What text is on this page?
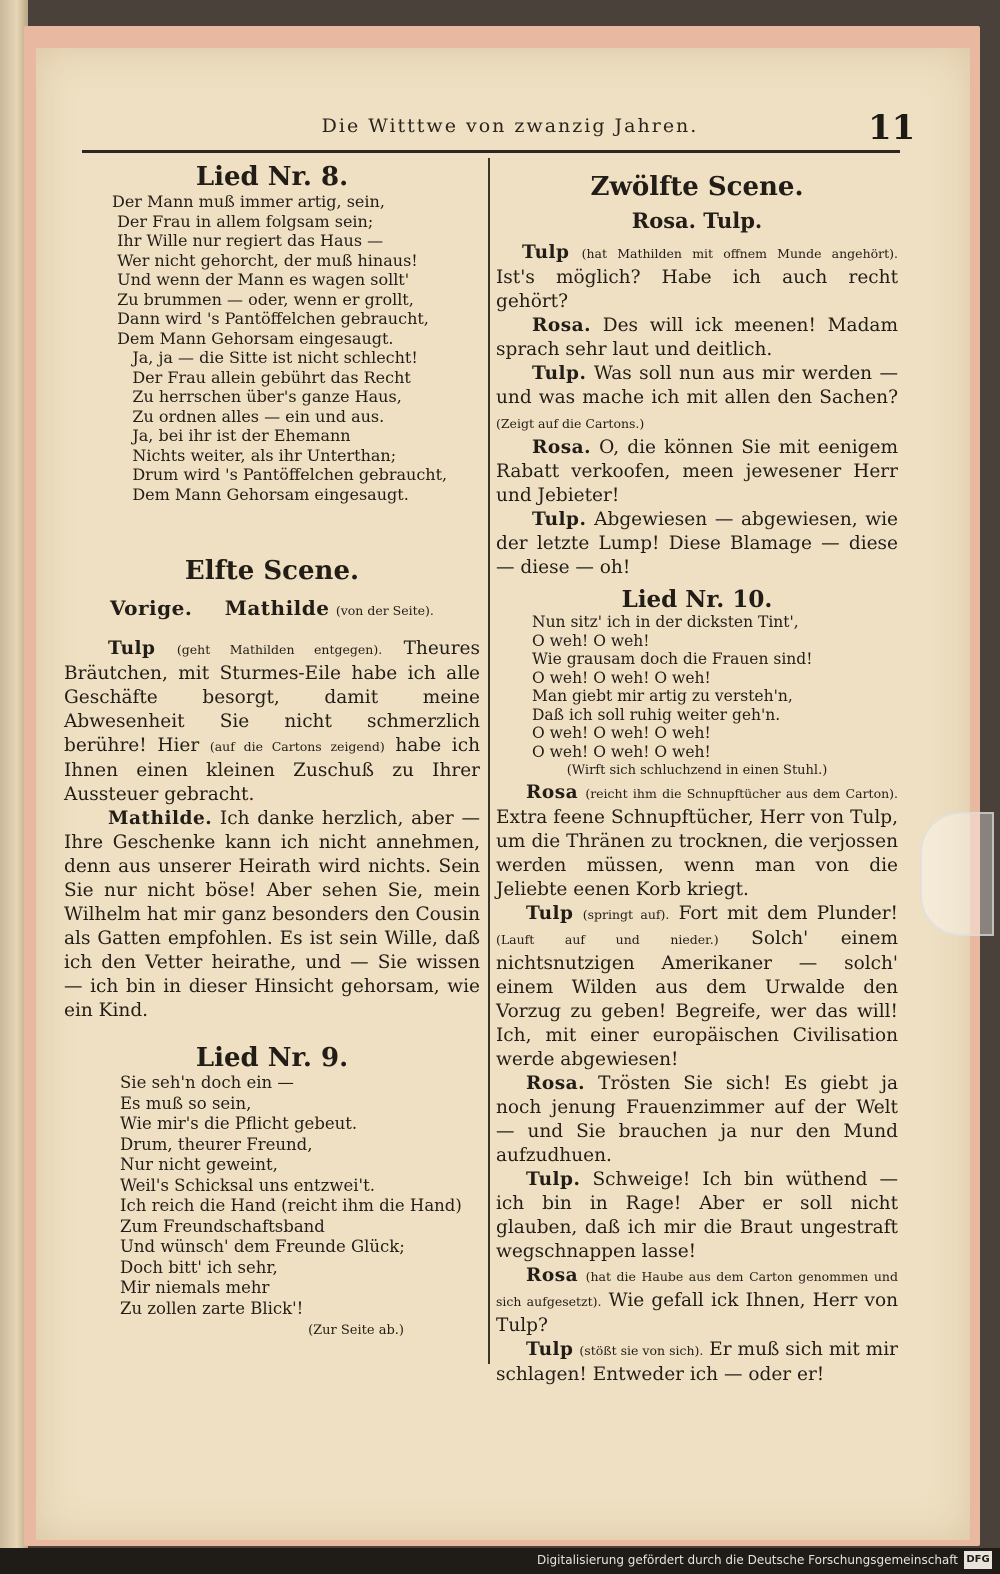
Die Witttwe von zwanzig Jahren.	11

Lied Nr. 8.

Der Mann muß immer artig, sein,
Der Frau in allem folgsam sein;
Ihr Wille nur regiert das Haus —
Wer nicht gehorcht, der muß hinaus!
Und wenn der Mann es wagen sollt'
Zu brummen — oder, wenn er grollt,
Dann wird 's Pantöffelchen gebraucht,
Dem Mann Gehorsam eingesaugt.
Ja, ja — die Sitte ist nicht schlecht!
Der Frau allein gebührt das Recht
Zu herrschen über's ganze Haus,
Zu ordnen alles — ein und aus.
Ja, bei ihr ist der Ehemann
Nichts weiter, als ihr Unterthan;
Drum wird 's Pantöffelchen gebraucht,
Dem Mann Gehorsam eingesaugt.

Elfte Scene.

Vorige. Mathilde (von der Seite).

Tulp (geht Mathilden entgegen). Theures Bräutchen, mit Sturmes-Eile habe ich alle Geschäfte besorgt, damit meine Abwesenheit Sie nicht schmerzlich berühre! Hier (auf die Cartons zeigend) habe ich Ihnen einen kleinen Zuschuß zu Ihrer Aussteuer gebracht.

Mathilde. Ich danke herzlich, aber — Ihre Geschenke kann ich nicht annehmen, denn aus unserer Heirath wird nichts. Sein Sie nur nicht böse! Aber sehen Sie, mein Wilhelm hat mir ganz besonders den Cousin als Gatten empfohlen. Es ist sein Wille, daß ich den Vetter heirathe, und — Sie wissen — ich bin in dieser Hinsicht gehorsam, wie ein Kind.

Lied Nr. 9.

Sie seh'n doch ein —
Es muß so sein,
Wie mir's die Pflicht gebeut.
Drum, theurer Freund,
Nur nicht geweint,
Weil's Schicksal uns entzwei't.
Ich reich die Hand (reicht ihm die Hand)
Zum Freundschaftsband
Und wünsch' dem Freunde Glück;
Doch bitt' ich sehr,
Mir niemals mehr
Zu zollen zarte Blick'!

(Zur Seite ab.)

Zwölfte Scene.

Rosa. Tulp.

Tulp (hat Mathilden mit offnem Munde angehört). Ist's möglich? Habe ich auch recht gehört?

Rosa. Des will ick meenen! Madam sprach sehr laut und deitlich.

Tulp. Was soll nun aus mir werden — und was mache ich mit allen den Sachen? (Zeigt auf die Cartons.)

Rosa. O, die können Sie mit eenigem Rabatt verkoofen, meen jewesener Herr und Jebieter!

Tulp. Abgewiesen — abgewiesen, wie der letzte Lump! Diese Blamage — diese — diese — oh!

Lied Nr. 10.

Nun sitz' ich in der dicksten Tint',
O weh! O weh!
Wie grausam doch die Frauen sind!
O weh! O weh! O weh!
Man giebt mir artig zu versteh'n,
Daß ich soll ruhig weiter geh'n.
O weh! O weh! O weh!
O weh! O weh! O weh!

(Wirft sich schluchzend in einen Stuhl.)

Rosa (reicht ihm die Schnupftücher aus dem Carton). Extra feene Schnupftücher, Herr von Tulp, um die Thränen zu trocknen, die verjossen werden müssen, wenn man von die Jeliebte eenen Korb kriegt.

Tulp (springt auf). Fort mit dem Plunder! (Lauft auf und nieder.) Solch' einem nichtsnutzigen Amerikaner — solch' einem Wilden aus dem Urwalde den Vorzug zu geben! Begreife, wer das will! Ich, mit einer europäischen Civilisation werde abgewiesen!

Rosa. Trösten Sie sich! Es giebt ja noch jenung Frauenzimmer auf der Welt — und Sie brauchen ja nur den Mund aufzudhuen.

Tulp. Schweige! Ich bin wüthend — ich bin in Rage! Aber er soll nicht glauben, daß ich mir die Braut ungestraft wegschnappen lasse!

Rosa (hat die Haube aus dem Carton genommen und sich aufgesetzt). Wie gefall ick Ihnen, Herr von Tulp?

Tulp (stößt sie von sich). Er muß sich mit mir schlagen! Entweder ich — oder er!

Digitalisierung gefördert durch die Deutsche Forschungsgemeinschaft DFG
